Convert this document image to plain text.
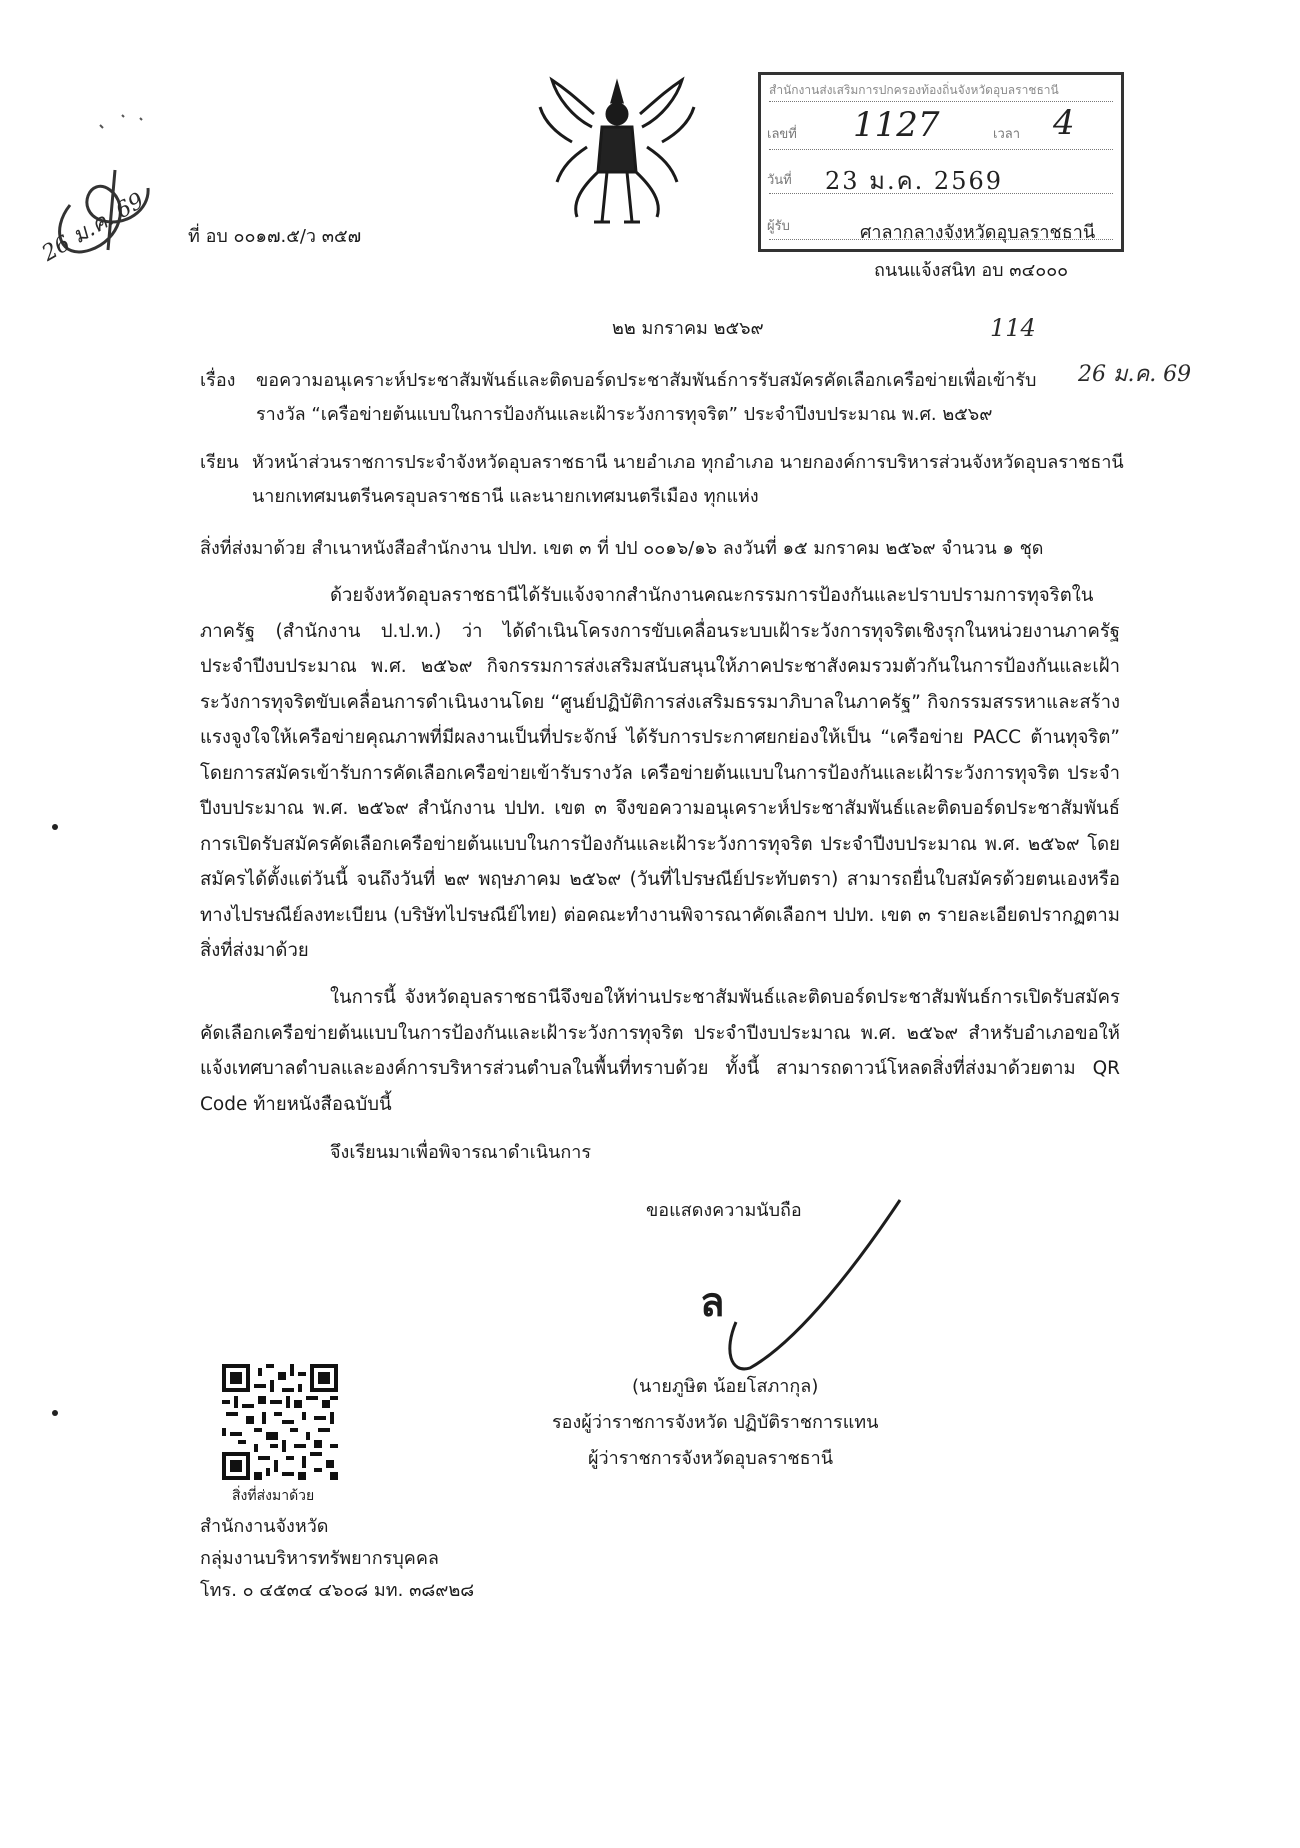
26 ม.ค. 69
สำนักงานส่งเสริมการปกครองท้องถิ่นจังหวัดอุบลราชธานี
เลขที่ 1127	เวลา 4
วันที่ 23 ม.ค. 2569
ผู้รับ
114
26 ม.ค. 69
ที่ อบ ๐๐๑๗.๕/ว ๓๕๗	ศาลากลางจังหวัดอุบลราชธานี
ถนนแจ้งสนิท อบ ๓๔๐๐๐
๒๒ มกราคม ๒๕๖๙
เรื่อง ขอความอนุเคราะห์ประชาสัมพันธ์และติดบอร์ดประชาสัมพันธ์การรับสมัครคัดเลือกเครือข่ายเพื่อเข้ารับ
รางวัล “เครือข่ายต้นแบบในการป้องกันและเฝ้าระวังการทุจริต” ประจำปีงบประมาณ พ.ศ. ๒๕๖๙
เรียน หัวหน้าส่วนราชการประจำจังหวัดอุบลราชธานี นายอำเภอ ทุกอำเภอ นายกองค์การบริหารส่วนจังหวัดอุบลราชธานี
นายกเทศมนตรีนครอุบลราชธานี และนายกเทศมนตรีเมือง ทุกแห่ง
สิ่งที่ส่งมาด้วย สำเนาหนังสือสำนักงาน ปปท. เขต ๓ ที่ ปป ๐๐๑๖/๑๖ ลงวันที่ ๑๕ มกราคม ๒๕๖๙ จำนวน ๑ ชุด

ด้วยจังหวัดอุบลราชธานีได้รับแจ้งจากสำนักงานคณะกรรมการป้องกันและปราบปรามการทุจริตในภาครัฐ (สำนักงาน ป.ป.ท.) ว่า ได้ดำเนินโครงการขับเคลื่อนระบบเฝ้าระวังการทุจริตเชิงรุกในหน่วยงานภาครัฐ ประจำปีงบประมาณ พ.ศ. ๒๕๖๙ กิจกรรมการส่งเสริมสนับสนุนให้ภาคประชาสังคมรวมตัวกันในการป้องกันและเฝ้าระวังการทุจริตขับเคลื่อนการดำเนินงานโดย “ศูนย์ปฏิบัติการส่งเสริมธรรมาภิบาลในภาครัฐ” กิจกรรมสรรหาและสร้างแรงจูงใจให้เครือข่ายคุณภาพที่มีผลงานเป็นที่ประจักษ์ ได้รับการประกาศยกย่องให้เป็น “เครือข่าย PACC ต้านทุจริต” โดยการสมัครเข้ารับการคัดเลือกเครือข่ายเข้ารับรางวัล เครือข่ายต้นแบบในการป้องกันและเฝ้าระวังการทุจริต ประจำปีงบประมาณ พ.ศ. ๒๕๖๙ สำนักงาน ปปท. เขต ๓ จึงขอความอนุเคราะห์ประชาสัมพันธ์และติดบอร์ดประชาสัมพันธ์การเปิดรับสมัครคัดเลือกเครือข่ายต้นแบบในการป้องกันและเฝ้าระวังการทุจริต ประจำปีงบประมาณ พ.ศ. ๒๕๖๙ โดยสมัครได้ตั้งแต่วันนี้ จนถึงวันที่ ๒๙ พฤษภาคม ๒๕๖๙ (วันที่ไปรษณีย์ประทับตรา) สามารถยื่นใบสมัครด้วยตนเองหรือทางไปรษณีย์ลงทะเบียน (บริษัทไปรษณีย์ไทย) ต่อคณะทำงานพิจารณาคัดเลือกฯ ปปท. เขต ๓ รายละเอียดปรากฏตามสิ่งที่ส่งมาด้วย

ในการนี้ จังหวัดอุบลราชธานีจึงขอให้ท่านประชาสัมพันธ์และติดบอร์ดประชาสัมพันธ์การเปิดรับสมัครคัดเลือกเครือข่ายต้นแบบในการป้องกันและเฝ้าระวังการทุจริต ประจำปีงบประมาณ พ.ศ. ๒๕๖๙ สำหรับอำเภอขอให้แจ้งเทศบาลตำบลและองค์การบริหารส่วนตำบลในพื้นที่ทราบด้วย ทั้งนี้ สามารถดาวน์โหลดสิ่งที่ส่งมาด้วยตาม QR Code ท้ายหนังสือฉบับนี้

จึงเรียนมาเพื่อพิจารณาดำเนินการ
ขอแสดงความนับถือ
ล
(นายภูษิต น้อยโสภากุล)
รองผู้ว่าราชการจังหวัด ปฏิบัติราชการแทน
ผู้ว่าราชการจังหวัดอุบลราชธานี
สิ่งที่ส่งมาด้วย
สำนักงานจังหวัด
กลุ่มงานบริหารทรัพยากรบุคคล
โทร. ๐ ๔๕๓๔ ๔๖๐๘ มท. ๓๘๙๒๘
